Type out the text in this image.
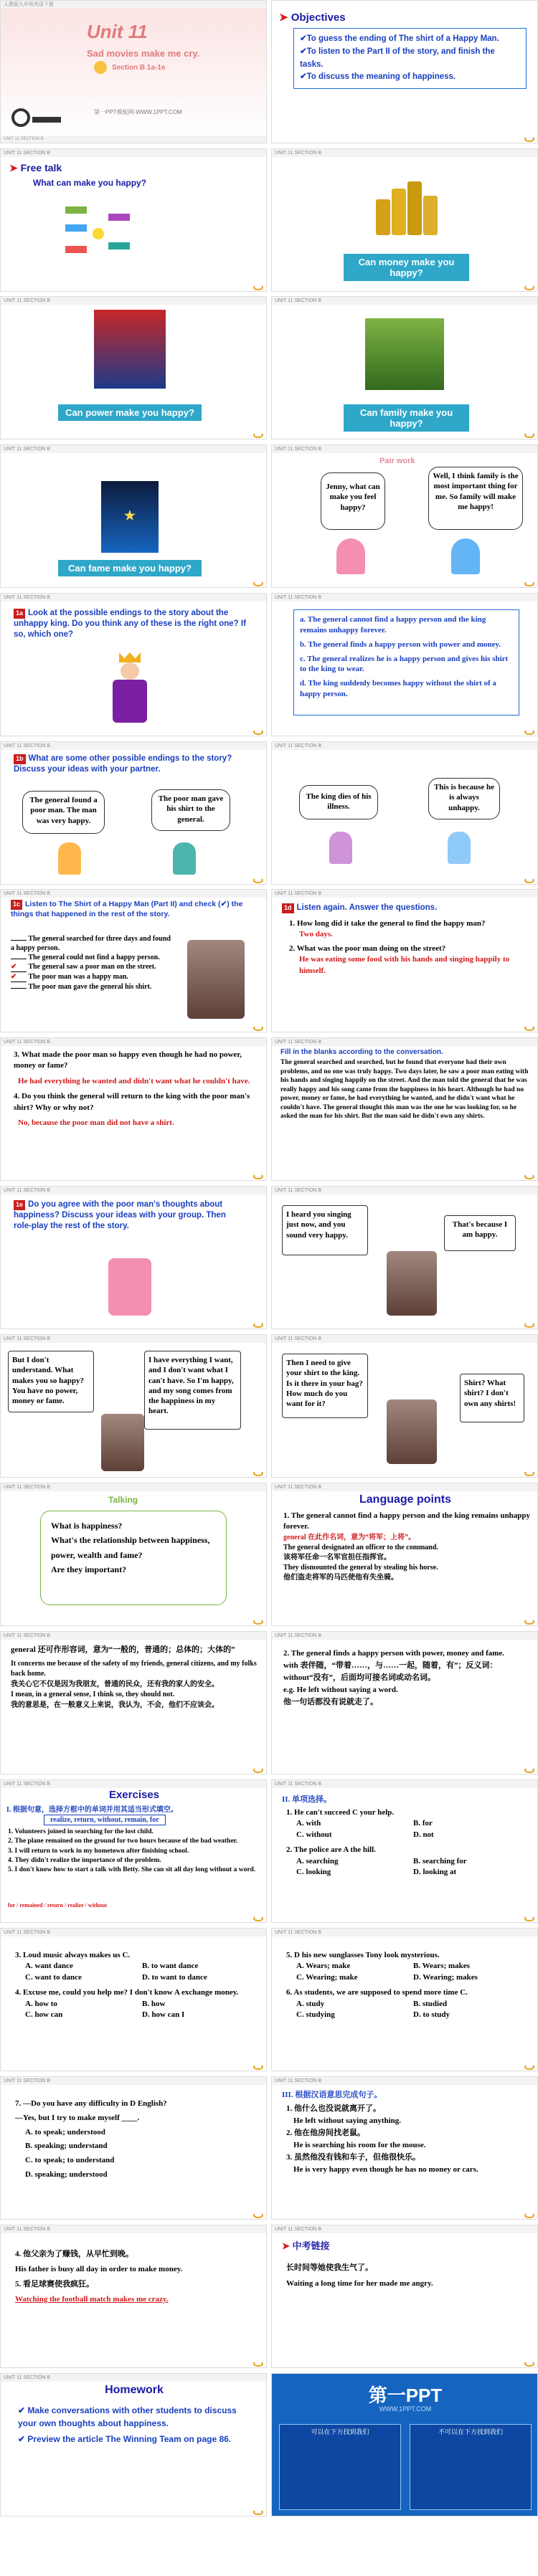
人教版九年级英语下册
Unit 11
Sad movies make me cry.
Section B 1a-1e
第一PPT模板网-WWW.1PPT.COM
UNIT 11 SECTION B
➤ Objectives
✔To guess the ending of The shirt of a Happy Man.
✔To listen to the Part II of the story, and finish the tasks.
✔To discuss the meaning of happiness.
UNIT 11 SECTION B
➤ Free talk
What can make you happy?
UNIT 11 SECTION B
Can money make you happy?
UNIT 11 SECTION B
Can power make you happy?
UNIT 11 SECTION B
Can family make you happy?
UNIT 11 SECTION B
★
Can fame make you happy?
UNIT 11 SECTION B
Pair work
Jenny, what can make you feel happy?
Well, I think family is the most important thing for me. So family will make me happy!
UNIT 11 SECTION B
1a Look at the possible endings to the story about the unhappy king. Do you think any of these is the right one? If so, which one?
UNIT 11 SECTION B
a. The general cannot find a happy person and the king remains unhappy forever.
b. The general finds a happy person with power and money.
c. The general realizes he is a happy person and gives his shirt to the king to wear.
d. The king suddenly becomes happy without the shirt of a happy person.
UNIT 11 SECTION B
1b What are some other possible endings to the story? Discuss your ideas with your partner.
The general found a poor man. The man was very happy.
The poor man gave his shirt to the general.
UNIT 11 SECTION B
The king dies of his illness.
This is because he is always unhappy.
UNIT 11 SECTION B
1c Listen to The Shirt of a Happy Man (Part II) and check (✔) the things that happened in the rest of the story.
The general searched for three days and found a happy person.
The general could not find a happy person.
✔ The general saw a poor man on the street.
✔ The poor man was a happy man.
The poor man gave the general his shirt.
UNIT 11 SECTION B
1d Listen again. Answer the questions.
1. How long did it take the general to find the happy man?
Two days.
2. What was the poor man doing on the street?
He was eating some food with his hands and singing happily to himself.
UNIT 11 SECTION B
3. What made the poor man so happy even though he had no power, money or fame?
He had everything he wanted and didn't want what he couldn't have.
4. Do you think the general will return to the king with the poor man's shirt? Why or why not?
No, because the poor man did not have a shirt.
UNIT 11 SECTION B
Fill in the blanks according to the conversation.
The general searched and searched, but he found that everyone had their own problems, and no one was truly happy. Two days later, he saw a poor man eating with his hands and singing happily on the street. And the man told the general that he was really happy and his song came from the happiness in his heart. Although he had no power, money or fame, he had everything he wanted, and he didn't want what he couldn't have. The general thought this man was the one he was looking for, so he asked the man for his shirt. But the man said he didn't own any shirts.
UNIT 11 SECTION B
1e Do you agree with the poor man's thoughts about happiness? Discuss your ideas with your group. Then role-play the rest of the story.
UNIT 11 SECTION B
I heard you singing just now, and you sound very happy.
That's because I am happy.
UNIT 11 SECTION B
But I don't understand. What makes you so happy? You have no power, money or fame.
I have everything I want, and I don't want what I can't have. So I'm happy, and my song comes from the happiness in my heart.
UNIT 11 SECTION B
Then I need to give your shirt to the king. Is it there in your bag? How much do you want for it?
Shirt? What shirt? I don't own any shirts!
UNIT 11 SECTION B
Talking
What is happiness?
What's the relationship between happiness, power, wealth and fame?
Are they important?
UNIT 11 SECTION B
Language points
1. The general cannot find a happy person and the king remains unhappy forever.
general 在此作名词，意为“将军；上将”。
The general designated an officer to the command.
该将军任命一名军官担任指挥官。
They dismounted the general by stealing his horse.
他们盗走将军的马匹使他有失坐骑。
UNIT 11 SECTION B
general 还可作形容词，意为“一般的，普通的；总体的；大体的”
It concerns me because of the safety of my friends, general citizens, and my folks back home.
我关心它不仅是因为我朋友，普通的民众，还有我的家人的安全。
I mean, in a general sense, I think so, they should not.
我的意思是，在一般意义上来说，我认为，不会，他们不应该会。
UNIT 11 SECTION B
2. The general finds a happy person with power, money and fame.
with 表伴随，“带着……，与……一起，随着，有”；反义词：without“没有”，后面均可接名词或动名词。
e.g. He left without saying a word.
他一句话都没有说就走了。
UNIT 11 SECTION B
Exercises
I. 根据句意，选择方框中的单词并用其适当形式填空。
realize, return, without, remain, for
1. Volunteers joined in searching for the lost child.
2. The plane remained on the ground for two hours because of the bad weather.
3. I will return to work in my hometown after finishing school.
4. They didn't realize the importance of the problem.
5. I don't know how to start a talk with Betty. She can sit all day long without a word.
for / remained / return / realize / without
UNIT 11 SECTION B
II. 单项选择。
1. He can't succeed C your help.
A. with	B. for
C. without	D. not
2. The police are A the hill.
A. searching	B. searching for
C. looking	D. looking at
UNIT 11 SECTION B
3. Loud music always makes us C.
A. want dance	B. to want dance
C. want to dance	D. to want to dance
4. Excuse me, could you help me? I don't know A exchange money.
A. how to	B. how
C. how can	D. how can I
UNIT 11 SECTION B
5. D his new sunglasses Tony look mysterious.
A. Wears; make	B. Wears; makes
C. Wearing; make	D. Wearing; makes
6. As students, we are supposed to spend more time C.
A. study	B. studied
C. studying	D. to study
UNIT 11 SECTION B
7. —Do you have any difficulty in D English?
—Yes, but I try to make myself ____.
A. to speak; understood
B. speaking; understand
C. to speak; to understand
D. speaking; understood
UNIT 11 SECTION B
III. 根据汉语意思完成句子。
1. 他什么也没说就离开了。
He left without saying anything.
2. 他在他房间找老鼠。
He is searching his room for the mouse.
3. 虽然他没有钱和车子，但他很快乐。
He is very happy even though he has no money or cars.
UNIT 11 SECTION B
4. 他父亲为了赚钱，从早忙到晚。
His father is busy all day in order to make money.
5. 看足球赛使我疯狂。
Watching the football match makes me crazy.
UNIT 11 SECTION B
➤ 中考链接
长时间等她使我生气了。
Waiting a long time for her made me angry.
UNIT 11 SECTION B
Homework
✔ Make conversations with other students to discuss your own thoughts about happiness.
✔ Preview the article The Winning Team on page 86.
第一PPT
WWW.1PPT.COM
可以在下方找到我们	不可以在下方找到我们
